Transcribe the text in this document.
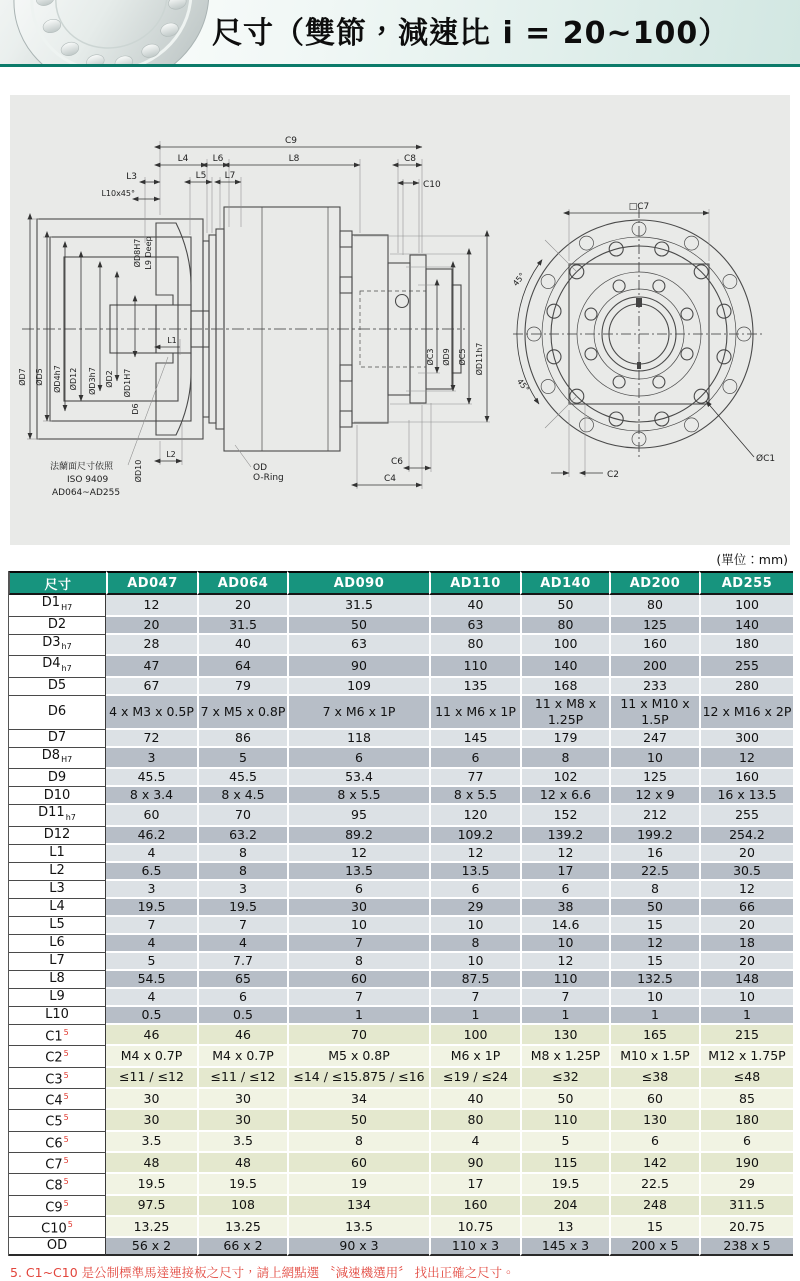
尺寸（雙節，減速比 i = 20~100）
C9
L4	L6	L8	C8
L3	L5 L7
C10
L10x45°
ØD7 ØD5 ØD4h7 ØD12 ØD3h7 ØD2 ØD1H7
ØD8H7 L9 Deep
L1
D6
ØD10
L2
法蘭面尺寸依照
ISO 9409
AD064~AD255
OD
O-Ring
C6
C4
ØC3 ØD9 ØC5 ØD11h7
□C7
45°
45°
C2
ØC1
(單位：mm)
尺寸	AD047	AD064	AD090	AD110	AD140	AD200	AD255
$D1_{H7}$	12	20	31.5	40	50	80	100
D2	20	31.5	50	63	80	125	140
$D3_{h7}$	28	40	63	80	100	160	180
$D4_{h7}$	47	64	90	110	140	200	255
D5	67	79	109	135	168	233	280
D6	4 x M3 x 0.5P	7 x M5 x 0.8P	7 x M6 x 1P	11 x M6 x 1P	11 x M8 x 1.25P	11 x M10 x 1.5P	12 x M16 x 2P
D7	72	86	118	145	179	247	300
$D8_{H7}$	3	5	6	6	8	10	12
D9	45.5	45.5	53.4	77	102	125	160
D10	8 x 3.4	8 x 4.5	8 x 5.5	8 x 5.5	12 x 6.6	12 x 9	16 x 13.5
$D11_{h7}$	60	70	95	120	152	212	255
D12	46.2	63.2	89.2	109.2	139.2	199.2	254.2
L1	4	8	12	12	12	16	20
L2	6.5	8	13.5	13.5	17	22.5	30.5
L3	3	3	6	6	6	8	12
L4	19.5	19.5	30	29	38	50	66
L5	7	7	10	10	14.6	15	20
L6	4	4	7	8	10	12	18
L7	5	7.7	8	10	12	15	20
L8	54.5	65	60	87.5	110	132.5	148
L9	4	6	7	7	7	10	10
L10	0.5	0.5	1	1	1	1	1
C1$^5$	46	46	70	100	130	165	215
C2$^5$	M4 x 0.7P	M4 x 0.7P	M5 x 0.8P	M6 x 1P	M8 x 1.25P	M10 x 1.5P	M12 x 1.75P
C3$^5$	≤11 / ≤12	≤11 / ≤12	≤14 / ≤15.875 / ≤16	≤19 / ≤24	≤32	≤38	≤48
C4$^5$	30	30	34	40	50	60	85
C5$^5$	30	30	50	80	110	130	180
C6$^5$	3.5	3.5	8	4	5	6	6
C7$^5$	48	48	60	90	115	142	190
C8$^5$	19.5	19.5	19	17	19.5	22.5	29
C9$^5$	97.5	108	134	160	204	248	311.5
C10$^5$	13.25	13.25	13.5	10.75	13	15	20.75
OD	56 x 2	66 x 2	90 x 3	110 x 3	145 x 3	200 x 5	238 x 5
5. C1~C10 是公制標準馬達連接板之尺寸，請上網點選 〝減速機選用〞 找出正確之尺寸。
